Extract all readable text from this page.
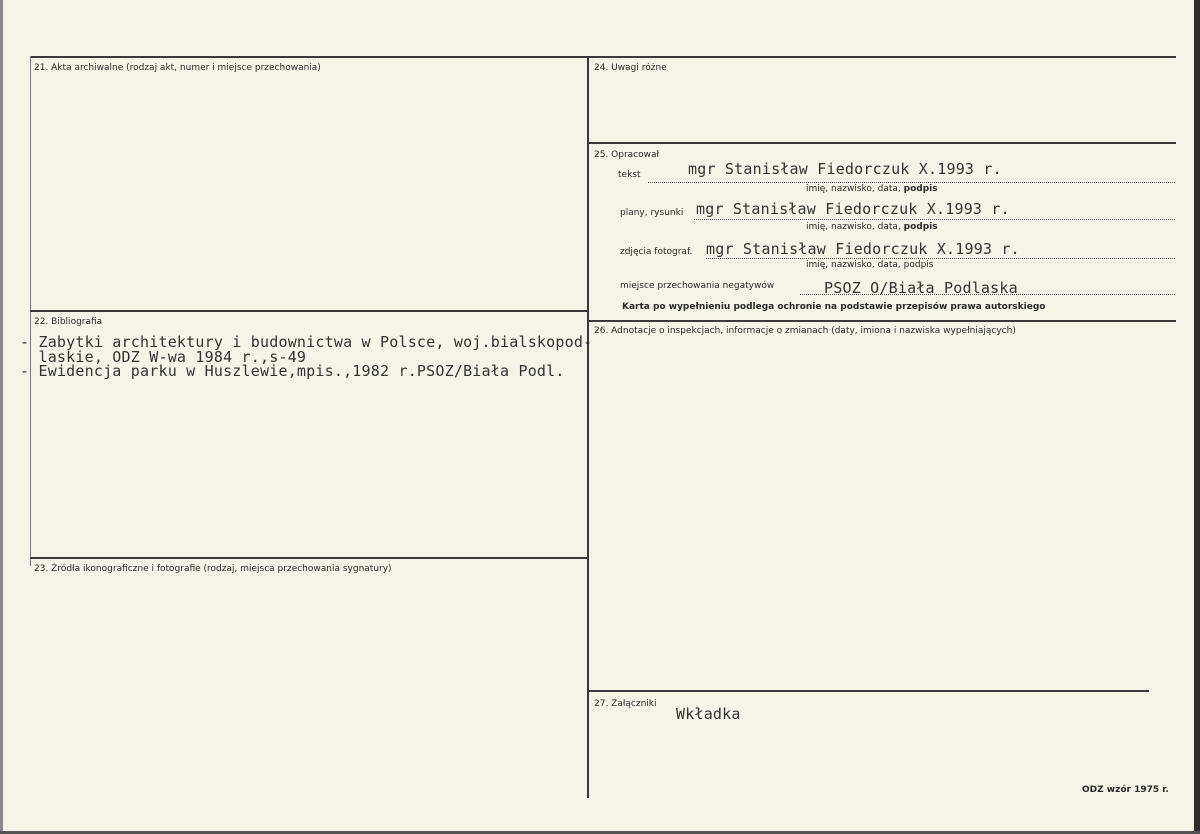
21. Akta archiwalne (rodzaj akt, numer i miejsce przechowania)
22. Bibliografia
- Zabytki architektury i budownictwa w Polsce, woj.bialskopod-
laskie, ODZ W-wa 1984 r.,s-49
- Ewidencja parku w Huszlewie,mpis.,1982 r.PSOZ/Biała Podl.
23. Źródła ikonograficzne i fotografie (rodzaj, miejsca przechowania sygnatury)
24. Uwagi różne
25. Opracował
tekst	mgr Stanisław Fiedorczuk X.1993 r.
imię, nazwisko, data, podpis
plany, rysunki mgr Stanisław Fiedorczuk X.1993 r.
imię, nazwisko, data, podpis
zdjęcia fotograf. mgr Stanisław Fiedorczuk X.1993 r.
imię, nazwisko, data, podpis
miejsce przechowania negatywów	PSOZ O/Biała Podlaska
Karta po wypełnieniu podlega ochronie na podstawie przepisów prawa autorskiego
26. Adnotacje o inspekcjach, informacje o zmianach (daty, imiona i nazwiska wypełniających)
27. Załączniki
Wkładka
ODZ wzór 1975 r.
